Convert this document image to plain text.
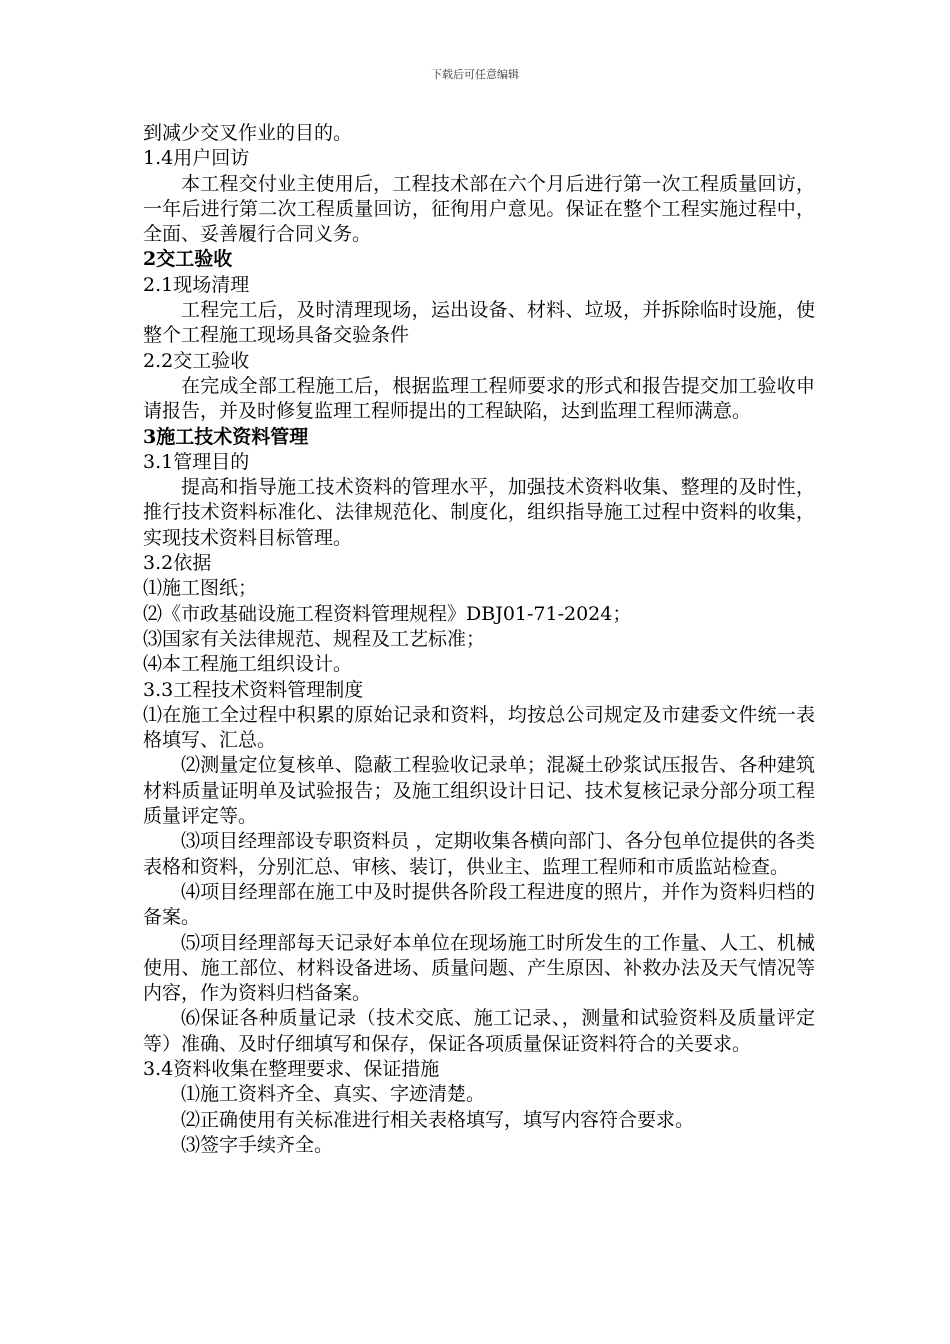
下载后可任意编辑

到减少交叉作业的目的。

1.4用户回访

本工程交付业主使用后，工程技术部在六个月后进行第一次工程质量回访，一年后进行第二次工程质量回访，征徇用户意见。保证在整个工程实施过程中，全面、妥善履行合同义务。

2交工验收

2.1现场清理

工程完工后，及时清理现场，运出设备、材料、垃圾，并拆除临时设施，使整个工程施工现场具备交验条件

2.2交工验收

在完成全部工程施工后，根据监理工程师要求的形式和报告提交加工验收申请报告，并及时修复监理工程师提出的工程缺陷，达到监理工程师满意。

3施工技术资料管理

3.1管理目的

提高和指导施工技术资料的管理水平，加强技术资料收集、整理的及时性，推行技术资料标准化、法律规范化、制度化，组织指导施工过程中资料的收集，实现技术资料目标管理。

3.2依据

⑴施工图纸；

⑵《市政基础设施工程资料管理规程》DBJ01-71-2024；

⑶国家有关法律规范、规程及工艺标准；

⑷本工程施工组织设计。

3.3工程技术资料管理制度

⑴在施工全过程中积累的原始记录和资料，均按总公司规定及市建委文件统一表格填写、汇总。

⑵测量定位复核单、隐蔽工程验收记录单；混凝土砂浆试压报告、各种建筑材料质量证明单及试验报告；及施工组织设计日记、技术复核记录分部分项工程质量评定等。

⑶项目经理部设专职资料员 ，定期收集各横向部门、各分包单位提供的各类表格和资料，分别汇总、审核、装订，供业主、监理工程师和市质监站检查。

⑷项目经理部在施工中及时提供各阶段工程进度的照片，并作为资料归档的备案。

⑸项目经理部每天记录好本单位在现场施工时所发生的工作量、人工、机械使用、施工部位、材料设备进场、质量问题、产生原因、补救办法及天气情况等内容，作为资料归档备案。

⑹保证各种质量记录（技术交底、施工记录、，测量和试验资料及质量评定等）准确、及时仔细填写和保存，保证各项质量保证资料符合的关要求。

3.4资料收集在整理要求、保证措施

⑴施工资料齐全、真实、字迹清楚。

⑵正确使用有关标准进行相关表格填写，填写内容符合要求。

⑶签字手续齐全。
